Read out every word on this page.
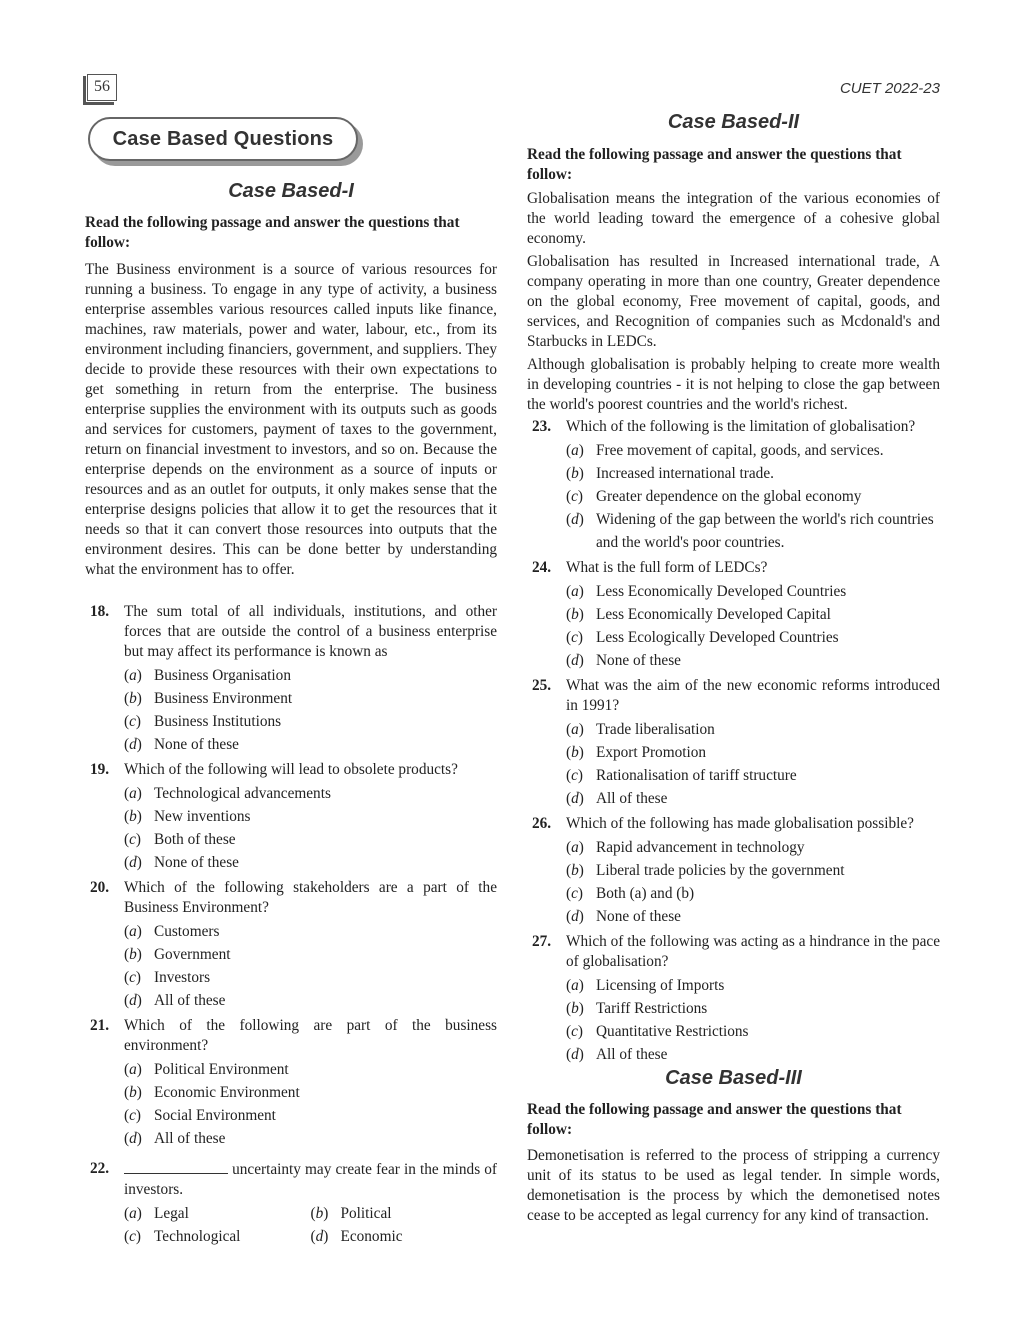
56	CUET 2022-23
Case Based Questions
Case Based-I
Read the following passage and answer the questions that follow:
The Business environment is a source of various resources for running a business. To engage in any type of activity, a business enterprise assembles various resources called inputs like finance, machines, raw materials, power and water, labour, etc., from its environment including financiers, government, and suppliers. They decide to provide these resources with their own expectations to get something in return from the enterprise. The business enterprise supplies the environment with its outputs such as goods and services for customers, payment of taxes to the government, return on financial investment to investors, and so on. Because the enterprise depends on the environment as a source of inputs or resources and as an outlet for outputs, it only makes sense that the enterprise designs policies that allow it to get the resources that it needs so that it can convert those resources into outputs that the environment desires. This can be done better by understanding what the environment has to offer.
18. The sum total of all individuals, institutions, and other forces that are outside the control of a business enterprise but may affect its performance is known as
(a) Business Organisation
(b) Business Environment
(c) Business Institutions
(d) None of these
19. Which of the following will lead to obsolete products?
(a) Technological advancements
(b) New inventions
(c) Both of these
(d) None of these
20. Which of the following stakeholders are a part of the Business Environment?
(a) Customers
(b) Government
(c) Investors
(d) All of these
21. Which of the following are part of the business environment?
(a) Political Environment
(b) Economic Environment
(c) Social Environment
(d) All of these
22.	uncertainty may create fear in the minds of investors.
(a) Legal	(b) Political
(c) Technological	(d) Economic
Case Based-II
Read the following passage and answer the questions that follow:

Globalisation means the integration of the various economies of the world leading toward the emergence of a cohesive global economy.

Globalisation has resulted in Increased international trade, A company operating in more than one country, Greater dependence on the global economy, Free movement of capital, goods, and services, and Recognition of companies such as Mcdonald's and Starbucks in LEDCs.

Although globalisation is probably helping to create more wealth in developing countries - it is not helping to close the gap between the world's poorest countries and the world's richest.

23. Which of the following is the limitation of globalisation?
(a) Free movement of capital, goods, and services.
(b) Increased international trade.
(c) Greater dependence on the global economy
(d) Widening of the gap between the world's rich countries and the world's poor countries.
24. What is the full form of LEDCs?
(a) Less Economically Developed Countries
(b) Less Economically Developed Capital
(c) Less Ecologically Developed Countries
(d) None of these
25. What was the aim of the new economic reforms introduced in 1991?
(a) Trade liberalisation
(b) Export Promotion
(c) Rationalisation of tariff structure
(d) All of these
26. Which of the following has made globalisation possible?
(a) Rapid advancement in technology
(b) Liberal trade policies by the government
(c) Both (a) and (b)
(d) None of these
27. Which of the following was acting as a hindrance in the pace of globalisation?
(a) Licensing of Imports
(b) Tariff Restrictions
(c) Quantitative Restrictions
(d) All of these
Case Based-III
Read the following passage and answer the questions that follow:
Demonetisation is referred to the process of stripping a currency unit of its status to be used as legal tender. In simple words, demonetisation is the process by which the demonetised notes cease to be accepted as legal currency for any kind of transaction.
